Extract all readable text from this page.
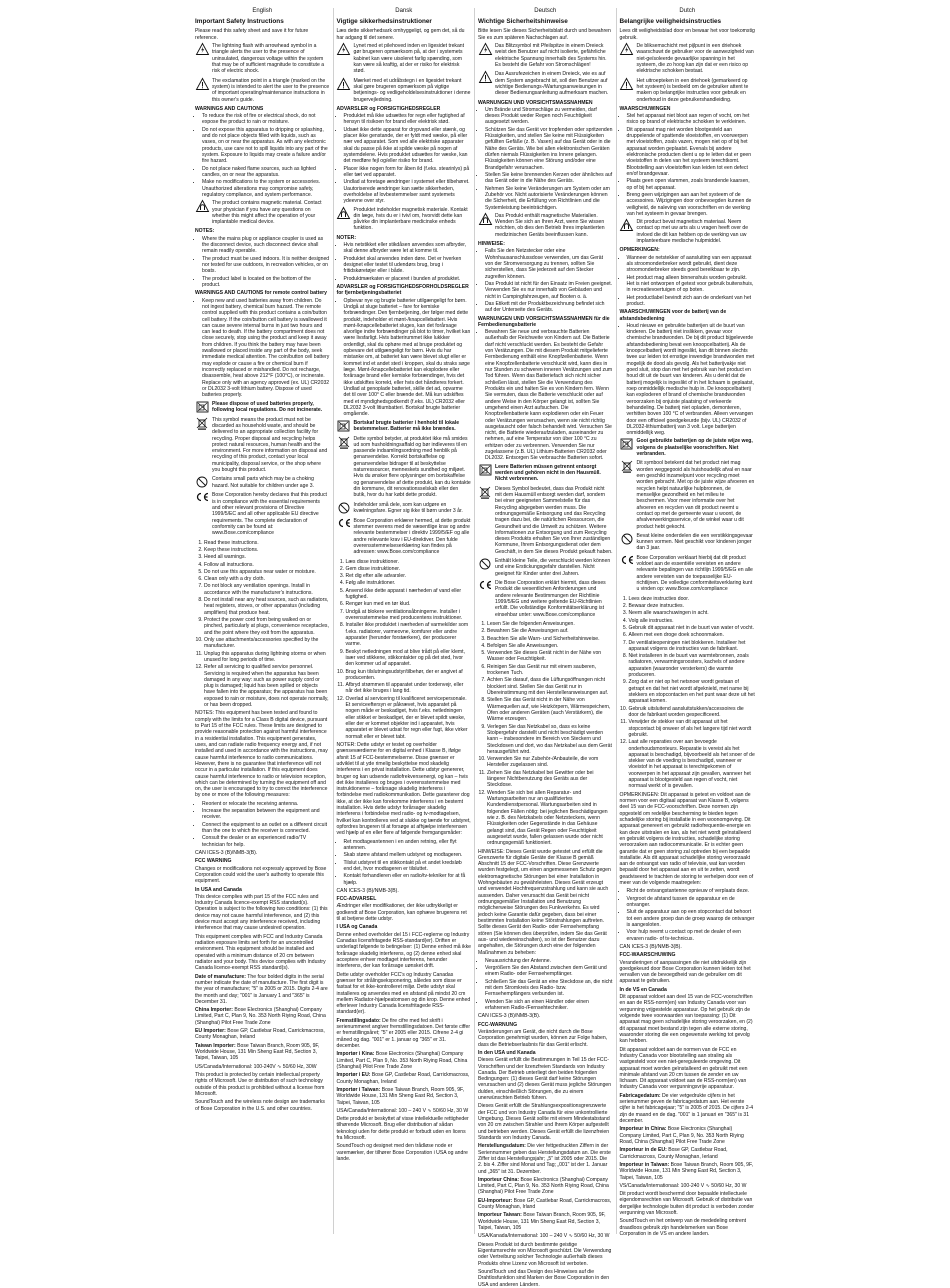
English
Important Safety Instructions

Please read this safety sheet and save it for future reference.

The lightning flash with arrowhead symbol in a triangle alerts the user to the presence of uninsulated, dangerous voltage within the system that may be of sufficient magnitude to constitute a risk of electric shock.
The exclamation point in a triangle (marked on the system) is intended to alert the user to the presence of important operating/maintenance instructions in this owner's guide.
WARNINGS AND CAUTIONS
• To reduce the risk of fire or electrical shock, do not expose the product to rain or moisture.
• Do not expose this apparatus to dripping or splashing, and do not place objects filled with liquids, such as vases, on or near the apparatus. As with any electronic products, use care not to spill liquids into any part of the system. Exposure to liquids may create a failure and/or fire hazard.
• Do not place naked flame sources, such as lighted candles, on or near the apparatus.
• Make no modifications to the system or accessories. Unauthorized alterations may compromise safety, regulatory compliance, and system performance.
The product contains magnetic material. Contact your physician if you have any questions on whether this might affect the operation of your implantable medical device.
NOTES:
• Where the mains plug or appliance coupler is used as the disconnect device, such disconnect device shall remain readily operable.
• The product must be used indoors. It is neither designed nor tested for use outdoors, in recreation vehicles, or on boats.
• The product label is located on the bottom of the product.
WARNINGS AND CAUTIONS for remote control battery
• Keep new and used batteries away from children. Do not ingest battery, chemical burn hazard. The remote control supplied with this product contains a coin/button cell battery. If the coin/button cell battery is swallowed it can cause severe internal burns in just two hours and can lead to death. If the battery compartment does not close securely, stop using the product and keep it away from children. If you think the battery may have been swallowed or placed inside any part of the body, seek immediate medical attention. The coin/button cell battery may explode or cause a fire or chemical burn if incorrectly replaced or mishandled. Do not recharge, disassemble, heat above 212°F (100°C), or incinerate. Replace only with an agency approved (ex. UL) CR2032 or DL2032 3-volt lithium battery. Dispose of used batteries properly.
Please dispose of used batteries properly, following local regulations. Do not incinerate.
This symbol means the product must not be discarded as household waste, and should be delivered to an appropriate collection facility for recycling. Proper disposal and recycling helps protect natural resources, human health and the environment. For more information on disposal and recycling of this product, contact your local municipality, disposal service, or the shop where you bought this product.
Contains small parts which may be a choking hazard. Not suitable for children under age 3.
Bose Corporation hereby declares that this product is in compliance with the essential requirements and other relevant provisions of Directive 1999/5/EC and all other applicable EU directive requirements. The complete declaration of conformity can be found at: www.Bose.com/compliance
1. Read these instructions.
2. Keep these instructions.
3. Heed all warnings.
4. Follow all instructions.
5. Do not use this apparatus near water or moisture.
6. Clean only with a dry cloth.
7. Do not block any ventilation openings. Install in accordance with the manufacturer's instructions.
8. Do not install near any heat sources, such as radiators, heat registers, stoves, or other apparatus (including amplifiers) that produce heat.
9. Protect the power cord from being walked on or pinched, particularly at plugs, convenience receptacles, and the point where they exit from the apparatus.
10. Only use attachments/accessories specified by the manufacturer.
11. Unplug this apparatus during lightning storms or when unused for long periods of time.
12. Refer all servicing to qualified service personnel. Servicing is required when the apparatus has been damaged in any way: such as power supply cord or plug is damaged; liquid has been spilled or objects have fallen into the apparatus; the apparatus has been exposed to rain or moisture, does not operate normally, or has been dropped.

NOTES: This equipment has been tested and found to comply with the limits for a Class B digital device, pursuant to Part 15 of the FCC rules. These limits are designed to provide reasonable protection against harmful interference in a residential installation. This equipment generates, uses, and can radiate radio frequency energy and, if not installed and used in accordance with the instructions, may cause harmful interference to radio communications. However, there is no guarantee that interference will not occur in a particular installation. If this equipment does cause harmful interference to radio or television reception, which can be determined by turning the equipment off and on, the user is encouraged to try to correct the interference by one or more of the following measures:

• Reorient or relocate the receiving antenna.
• Increase the separation between the equipment and receiver.
• Connect the equipment to an outlet on a different circuit than the one to which the receiver is connected.
• Consult the dealer or an experienced radio/TV technician for help.

CAN ICES-3 (B)/NMB-3(B).

FCC WARNING

Changes or modifications not expressly approved by Bose Corporation could void the user's authority to operate this equipment.

In USA and Canada

This device complies with part 15 of the FCC rules and Industry Canada licence-exempt RSS standard(s). Operation is subject to the following two conditions: (1) this device may not cause harmful interference, and (2) this device must accept any interference received, including interference that may cause undesired operation.

This equipment complies with FCC and Industry Canada radiation exposure limits set forth for an uncontrolled environment. This equipment should be installed and operated with a minimum distance of 20 cm between radiator and your body. This device complies with Industry Canada licence-exempt RSS standard(s).

Date of manufacture: The four bolded digits in the serial number indicate the date of manufacture. The first digit is the year of manufacture; "5" is 2005 or 2015. Digits 2-4 are the month and day; "001" is January 1 and "365" is December 31.

China Importer: Bose Electronics (Shanghai) Company Limited, Part C, Plan 9, No. 353 North Riying Road, China (Shanghai) Pilot Free Trade Zone

EU Importer: Bose GP, Castlebar Road, Carrickmacross, County Monaghan, Ireland

Taiwan Importer: Bose Taiwan Branch, Room 905, 9F, Worldwide House, 131 Min Sheng East Rd, Section 3, Taipei, Taiwan, 105

US/Canada/International: 100-240V ∿ 50/60 Hz, 30W

This product is protected by certain intellectual property rights of Microsoft. Use or distribution of such technology outside of this product is prohibited without a license from Microsoft.

SoundTouch and the wireless note design are trademarks of Bose Corporation in the U.S. and other countries.

Dansk
Vigtige sikkerhedsinstruktioner

Læs dette sikkerhedsark omhyggeligt, og gem det, så du har adgang til det senere.

Lynet med et pilehoved inden en ligesidet trekant gør brugeren opmærksom på, at der i systemets kabinet kan være uisoleret farlig spænding, som kan være så kraftig, at der er risiko for elektrisk stød.
Mærket med et udråbstegn i en ligesidet trekant skal gøre brugeren opmærksom på vigtige betjenings- og vedligeholdelsesinstruktioner i denne brugervejledning.
ADVARSLER og FORSIGTIGHEDSREGLER
• Produktet må ikke udsættes for regn eller fugtighed af hensyn til risikoen for brand eller elektrisk stød.
• Udsæt ikke dette apparat for drypvand eller stænk, og placer ikke genstande, der er fyldt med væske, på eller nær ved apparatet. Som ved alle elektriske apparater skal du passe på ikke at spilde væske på nogen af systemdelene. Hvis produktet udsættes for væske, kan det medføre fejl og/eller risiko for brand.
• Placer ikke nogen form for åben ild (f.eks. stearinlys) på eller tæt ved apparatet.
• Undlad at foretage ændringer i systemet eller tilbehøret. Uautoriserede ændringer kan sætte sikkerheden, overholdelse af lovbestemmelser samt systemets ydeevne over styr.
Produktet indeholder magnetisk materiale. Kontakt din læge, hvis du er i tvivl om, hvorvidt dette kan påvirke din implanterbare medicinske enheds funktion.
NOTER:
• Hvis netstikket eller stikdåsen anvendes som afbryder, skal denne afbryder være let at komme til.
• Produktet skal anvendes inden døre. Det er hverken designet eller testet til udendørs brug, brug i fritidskøretøjer eller i både.
• Produktmærkaten er placeret i bunden af produktet.
ADVARSLER og FORSIGTIGHEDSFORHOLDSREGLER for fjernbetjeningsbatteriet
• Opbevar nye og brugte batterier utilgængeligt for børn. Undgå at sluge batteriet – fare for kemiske forbrændinger. Den fjernbetjening, der følger med dette produkt, indeholder et mønt-/knapcellebatteri. Hvis mønt-/knapcellebatteriet sluges, kan det forårsage alvorlige indre forbrændinger på blot to timer, hvilket kan være livsfarligt. Hvis batterirummet ikke lukkker ordentligt, skal du ophøre med at bruge produktet og opbevare det utilgængeligt for børn. Hvis du har mistanke om, at batteriet kan være blevet slugt eller er kommet ind et andet sted i kroppen, skal du straks søge læge. Mønt-/knapcellebatteriet kan eksplodere eller forårsage brand eller kemiske forbrændinger, hvis det ikke udskiftes korrekt, eller hvis det håndteres forkert. Undlad at genoplade batteriet, skille det ad, opvarme det til over 100° C eller brænde det. Må kun udskiftes med et myndighedsgodkendt (f.eks. UL) CR2032 eller DL2032 3-volt litiumbatteri. Bortskaf brugte batterier omgående.
Bortskaf brugte batterier i henhold til lokale bestemmelser. Batterier må ikke brændes.
Dette symbol betyder, at produktet ikke må smides ud som husholdningsaffald og bør indleveres til en passende indsamlingsordning med henblik på genanvendelse. Korrekt bortskaffelse og genanvendelse bidrager til at beskyttelse naturressourcer, menneskets sundhed og miljøet. Hvis du ønsker flere oplysninger om bortskaffelse og genanvendelse af dette produkt, kan du kontakte din kommune, dit renovationsselskab eller den butik, hvor du har købt dette produkt.
Indeholder små dele, som kan udgøre en kvælningsfare. Egner sig ikke til børn under 3 år.
Bose Corporation erklærer hermed, at dette produkt stemmer overens med de væsentlige krav og andre relevante bestemmelser i direktiv 1999/5/EF og alle andre relevante krav i EU-direktiver. Den fulde overensstemmelseserklæring kan findes på adressen: www.Bose.com/compliance
1. Læs disse instruktioner.
2. Gem disse instruktioner.
3. Ret dig efter alle advarsler.
4. Følg alle instruktioner.
5. Anvend ikke dette apparat i nærheden af vand eller fugtighed.
6. Rengør kun med en tør klud.
7. Undgå at blokere ventilationsåbningerne. Installer i overensstemmelse med producentens instruktioner.
8. Installer ikke produktet i nærheden af varmekilder som f.eks. radiatorer, varmeovne, komfurer eller andre apparater (herunder forstærkere), der producerer varme.
9. Beskyt netledningen mod at blive trådt på eller klemt, især ved stikkene, stikkontakter og på det sted, hvor den kommer ud af apparatet.
10. Brug kun tilslutningsudstyr/tilbehør, der er angivet af producenten.
11. Afbryd strømmen til apparatet under tordenvejr, eller når det ikke bruges i lang tid.
12. Overlad al servicering til kvalificeret servicepersonale. Et serviceeftersyn er påkrævet, hvis apparatet på nogen måde er beskadiget, hvis f.eks. netledningen eller stikket er beskadiget, der er blevet spildt væske, eller der er kommet objekter ind i apparatet, hvis apparatet er blevet udsat for regn eller fugt, ikke virker normalt eller er blevet tabt.

NOTER: Dette udstyr er testet og overholder grænseværdierne for en digital enhed i Klasse B, ifølge afsnit 15 af FCC-bestemmelserne. Disse grænser er udviklet til at yde rimelig beskyttelse mod skadelig interferens i en privat installation. Dette udstyr genererer, bruger og kan udsende radiofrekvensenergi, og kan – hvis det ikke installeres og bruges i overensstemmelse med instruktionerne – forårsage skadelig interferens i forbindelse med radiokommunikation. Dette garanterer dog ikke, at der ikke kan forekomme interferens i en bestemt installation. Hvis dette udstyr forårsager skadelig interferens i forbindelse med radio- og tv-modtagelsen, hvilket kan kontrolleres ved at slukke og tænde for udstyret, opfordres brugeren til at forsøge at afhjælpe interferensen ved hjælp af en eller flere af følgende fremgangsmåder:

• Ret modtageantennen i en anden retning, eller flyt antennen.
• Skab større afstand mellem udstyret og modtageren.
• Tilslut udstyret til en stikkontakt på et andet kredsløb end det, hvor modtageren er tilsluttet.
• Kontakt forhandleren eller en radio/tv-tekniker for at få hjælp.

CAN ICES-3 (B)/NMB-3(B).

FCC-ADVARSEL

Ændringer eller modifikationer, der ikke udtrykkeligt er godkendt af Bose Corporation, kan ophæve brugerens ret til at betjene dette udstyr.

I USA og Canada

Denne enhed overholder del 15 i FCC-reglerne og Industry Canadas licensfritagede RSS-standard(er). Driften er underlagt følgende to betingelser: (1) Denne enhed må ikke forårsage skadelig interferens, og (2) denne enhed skal acceptere enhver modtaget interferens, herunder interferens, der kan forårsage uønsket drift.

Dette udstyr overholder FCC's og Industry Canadas grænser for strålingseksponering, således som disse er fastsat for et ikke-kontrolleret miljø. Dette udstyr skal installeres og anvendes med en afstand på mindst 20 cm mellem Radiator-hjælpeatomsen og din krop. Denne enhed efterlever Industry Canada licensfritagede RSS-standard(er).

Fremstillingsdato: De fire cifre med fed skrift i serienummeret angiver fremstillingsdatoen. Det første ciffer er fremstillingsåret; "5" er 2005 eller 2015. Cifrene 2-4 gi måned og dag. "001" er 1. januar og "365" er 31. december.

Importør i Kina: Bose Electronics (Shanghai) Company Limited, Part C, Plan 9, No. 353 North Riying Road, China (Shanghai) Pilot Free Trade Zone

Importør i EU: Bose GP, Castlebar Road, Carrickmacross, County Monaghan, Ireland

Importør i Taiwan: Bose Taiwan Branch, Room 905, 9F, Worldwide House, 131 Min Sheng East Rd, Section 3, Taipei, Taiwan, 105

USA/Canada/International: 100 – 240 V ∿ 50/60 Hz, 30 W

Dette produkt er beskyttet af visse intellektuelle rettigheder tilhørende Microsoft. Brug eller distribution af sådan teknologi uden for dette produkt er forbudt uden en licens fra Microsoft.

SoundTouch og designet med den trådløse node er varemærker, der tilhører Bose Corporation i USA og andre lande.

Deutsch
Wichtige Sicherheitshinweise

Bitte lesen Sie dieses Sicherheitsblatt durch und bewahren Sie es zum späteren Nachschlagen auf.

Das Blitzsymbol mit Pfeilspitze in einem Dreieck weist den Benutzer auf nicht isolierte, gefährliche elektrische Spannung innerhalb des Systems hin. Es besteht die Gefahr von Stromschlägen!
Das Ausrufezeichen in einem Dreieck, wie es auf dem System angebracht ist, soll den Benutzer auf wichtige Bedienungs-/Wartungsanweisungen in dieser Bedienungsanleitung aufmerksam machen.
WARNUNGEN UND VORSICHTSMASSNAHMEN
• Um Brände und Stromschläge zu vermeiden, darf dieses Produkt weder Regen noch Feuchtigkeit ausgesetzt werden.
• Schützen Sie das Gerät vor tropfenden oder spritzenden Flüssigkeiten, und stellen Sie keine mit Flüssigkeiten gefüllten Gefäße (z. B. Vasen) auf das Gerät oder in die Nähe des Geräts. Wie bei allen elektronischen Geräten dürfen niemals Flüssigkeiten ins Innere gelangen. Flüssigkeiten können eine Störung und/oder eine Brandgefahr verursachen.
• Stellen Sie keine brennenden Kerzen oder ähnliches auf das Gerät oder in die Nähe des Geräts.
• Nehmen Sie keine Veränderungen am System oder am Zubehör vor. Nicht autorisierte Veränderungen können die Sicherheit, die Erfüllung von Richtlinien und die Systemleistung beeinträchtigen.
Das Produkt enthält magnetische Materialien. Wenden Sie sich an Ihren Arzt, wenn Sie wissen möchten, ob dies den Betrieb Ihres implantierten medizinischen Geräts beeinflussen kann.
HINWEISE:
• Falls Sie den Netzstecker oder eine Wohnhausanschlussdose verwenden, um das Gerät von der Stromversorgung zu trennen, sollten Sie sicherstellen, dass Sie jederzeit auf den Stecker zugreifen können.
• Das Produkt ist nicht für den Einsatz im Freien geeignet. Verwenden Sie es nur innerhalb von Gebäuden und nicht in Campingfahrzeugen, auf Booten o. ä.
• Das Etikett mit der Produktbezeichnung befindet sich auf der Unterseite des Geräts.
WARNUNGEN UND VORSICHTSMASSNAHMEN für die Fernbedienungsbatterie
• Bewahren Sie neue und verbrauchte Batterien außerhalb der Reichweite von Kindern auf. Die Batterie darf nicht verschluckt werden. Es besteht die Gefahr von Verätzungen. Die mit diesem Produkt mitgelieferte Fernbedienung enthält eine Knopfzellenbatterie. Wenn eine Knopfzellenbatterie verschluckt wird, kann dies in nur Stunden zu schweren inneren Verätzungen und zum Tod führen. Wenn das Batteriefach sich nicht sicher schließen lässt, stellen Sie die Verwendung des Produkts ein und halten Sie es von Kindern fern. Wenn Sie vermuten, dass die Batterie verschluckt oder auf andere Weise in den Körper gelangt ist, sollten Sie umgehend einen Arzt aufsuchen. Die Knopfzellenbatterie kann explodieren oder ein Feuer oder Verätzungen verursachen, wenn sie nicht richtig ausgetauscht oder falsch behandelt wird. Versuchen Sie nicht, die Batterie wiederaufzuladen, auseinander zu nehmen, auf eine Temperatur von über 100 °C zu erhitzen oder zu verbrennen. Verwenden Sie nur zugelassene (z.B. UL) Lithium-Batterien CR2032 oder DL2032. Entsorgen Sie verbrauchte Batterien sofort.
Leere Batterien müssen getrennt entsorgt werden und gehören nicht in den Hausmüll. Nicht verbrennen.
Dieses Symbol bedeutet, dass das Produkt nicht mit dem Hausmüll entsorgt werden darf, sondern bei einer geeigneten Sammelstelle für das Recycling abgegeben werden muss. Die ordnungsgemäße Entsorgung und das Recycling tragen dazu bei, die natürlichen Ressourcen, die Gesundheit und die Umwelt zu schützen. Weitere Informationen zur Entsorgung und zum Recycling dieses Produkts erhalten Sie von Ihrer zuständigen Kommune, Ihrem Entsorgungsdienst oder dem Geschäft, in dem Sie dieses Produkt gekauft haben.
Enthält kleine Teile, die verschluckt werden können und eine Erstickungsgefahr darstellen. Nicht geeignet für Kinder unter drei Jahren.
Die Bose Corporation erklärt hiermit, dass dieses Produkt die wesentlichen Anforderungen und andere relevante Bestimmungen der Richtlinie 1999/5/EG und weitere geltende EU-Richtlinien erfüllt. Die vollständige Konformitätserklärung ist einsehbar unter: www.Bose.com/compliance
1. Lesen Sie die folgenden Anweisungen.
2. Bewahren Sie die Anweisungen auf.
3. Beachten Sie alle Warn- und Sicherheitshinweise.
4. Befolgen Sie alle Anweisungen.
5. Verwenden Sie dieses Gerät nicht in der Nähe von Wasser oder Feuchtigkeit.
6. Reinigen Sie das Gerät nur mit einem sauberen, trockenen Tuch.
7. Achten Sie darauf, dass die Lüftungsöffnungen nicht blockiert sind. Stellen Sie das Gerät nur in Übereinstimmung mit den Herstelleranweisungen auf.
8. Stellen Sie das Gerät nicht in der Nähe von Wärmequellen auf, wie Heizkörpern, Wärmespeichern, Öfen oder anderen Geräten (auch Verstärkern), die Wärme erzeugen.
9. Verlegen Sie das Netzkabel so, dass es keine Stolpergefahr darstellt und nicht beschädigt werden kann – insbesondere im Bereich von Steckern und Steckdosen und dort, wo das Netzkabel aus dem Gerät herausgeführt wird.
10. Verwenden Sie nur Zubehör-/Anbauteile, die vom Hersteller zugelassen sind.
11. Ziehen Sie das Netzkabel bei Gewitter oder bei längerer Nichtbenutzung des Geräts aus der Steckdose.
12. Wenden Sie sich bei allen Reparatur- und Wartungsarbeiten nur an qualifiziertes Kundendienstpersonal. Wartungsarbeiten sind in folgenden Fällen nötig: bei jeglichen Beschädigungen wie z. B. des Netzkabels oder Netzsteckers, wenn Flüssigkeiten oder Gegenstände in das Gehäuse gelangt sind, das Gerät Regen oder Feuchtigkeit ausgesetzt wurde, fallen gelassen wurde oder nicht ordnungsgemäß funktioniert.

HINWEISE: Dieses Gerät wurde getestet und erfüllt die Grenzwerte für digitale Geräte der Klasse B gemäß Abschnitt 15 der FCC-Vorschriften. Diese Grenzwerte wurden festgelegt, um einen angemessenen Schutz gegen elektromagnetische Störungen bei einer Installation in Wohngebäuten zu gewährleisten. Dieses Gerät erzeugt und verwendet Hochfrequenzstrahlung und kann sie auch aussenden. Daher verursacht das Gerät bei nicht ordnungsgemäßer Installation und Benutzung möglicherweise Störungen des Funkverkehrs. Es wird jedoch keine Garantie dafür gegeben, dass bei einer bestimmten Installation keine Störstrahlungen auftreten. Sollte dieses Gerät den Radio- oder Fernsehempfang stören (Sie können dies überprüfen, indem Sie das Gerät aus- und wiedereinschalten), so ist der Benutzer dazu angehalten, die Störungen durch eine der folgenden Maßnahmen zu beheben:

• Neuausrichtung der Antenne.
• Vergrößern Sie den Abstand zwischen dem Gerät und einem Radio- oder Fernsehempfänger.
• Schließen Sie das Gerät an eine Steckdose an, die nicht mit dem Stromkreis des Radio- bzw. Fernsehempfängers verbunden ist.
• Wenden Sie sich an einen Händler oder einen erfahrenen Radio-/Fernsehtechniker.

CAN ICES-3 (B)/NMB-3(B).

FCC-WARNUNG

Veränderungen am Gerät, die nicht durch die Bose Corporation genehmigt wurden, können zur Folge haben, dass die Betriebserlaubnis für das Gerät erlischt.

In den USA und Kanada

Dieses Gerät erfüllt die Bestimmungen in Teil 15 der FCC-Vorschriften und der lizenzfreien Standards von Industry Canada. Der Betrieb unterliegt den beiden folgenden Bedingungen: (1) dieses Gerät darf keine Störungen verursachen und (2) dieses Gerät muss jegliche Störungen dulden, einschließlich Störungen, die zu einem unerwünschten Betrieb führen.

Dieses Gerät erfüllt die Strahlungsexpositionsgrenzwerte der FCC und von Industry Canada für eine unkontrollierte Umgebung. Dieses Gerät sollte mit einem Mindestabstand von 20 cm zwischen Strahler und Ihrem Körper aufgestellt und betrieben werden. Dieses Gerät erfüllt die lizenzfreien Standards von Industry Canada.

Herstellungsdatum: Die vier fettgedruckten Ziffern in der Seriennummer geben das Herstellungsdatum an. Die erste Ziffer ist das Herstellungsjahr; „5" ist 2005 oder 2015. Die 2. bis 4. Ziffer sind Monat und Tag; „001" ist der 1. Januar und „365" ist 31. Dezember.

Importeur China: Bose Electronics (Shanghai) Company Limited, Part C, Plan 9, No. 353 North Riying Road, China (Shanghai) Pilot Free Trade Zone

EU-Importeur: Bose GP, Castlebar Road, Carrickmacross, County Monaghan, Irland

Importeur Taiwan: Bose Taiwan Branch, Room 905, 9F, Worldwide House, 131 Min Sheng East Rd, Section 3, Taipei, Taiwan, 105

USA/Kanada/International: 100 – 240 V ∿ 50/60 Hz, 30 W

Dieses Produkt ist durch bestimmte geistige Eigentumsrechte von Microsoft geschützt. Die Verwendung oder Vertreibung solcher Technologie außerhalb dieses Produkts ohne Lizenz von Microsoft ist verboten.

SoundTouch und das Design des Hinweises auf die Drahtlosfunktion sind Marken der Bose Corporation in den USA und anderen Ländern.

Dutch
Belangrijke veiligheidsinstructies

Lees dit veiligheidsblad door en bewaar het voor toekomstig gebruik.

De bliksemschicht met pijlpunt in een driehoek waarschuwt de gebruiker voor de aanwezigheid van niet-geïsoleerde gevaarlijke spanning in het systeem, die zo hoog kan zijn dat er een risico op elektrische schokken bestaat.
Het uitroepteken in een driehoek (gemarkeerd op het systeem) is bedoeld om de gebruiker attent te maken op belangrijke instructies voor gebruik en onderhoud in deze gebruikershandleiding.
WAARSCHUWINGEN
• Stel het apparaat niet bloot aan regen of vocht, om het risico op brand of elektrische schokken te verkleinen.
• Dit apparaat mag niet worden blootgesteld aan druppelende of spattende vloeistoffen, en voorwerpen met vloeistoffen, zoals vazen, mogen niet op of bij het apparaat worden geplaatst. Evenals bij andere elektronische producten dient u op te letten dat er geen vloeistoffen in delen van het systeem terechtkomt. Blootstelling aan vloeistoffen kan leiden tot een defect en/of brandgevaar.
• Plaats geen open vlammen, zoals brandende kaarsen, op of bij het apparaat.
• Breng geen wijzigingen aan aan het systeem of de accessoires. Wijzigingen door onbevoegden kunnen de veiligheid, de naleving van voorschriften en de werking van het systeem in gevaar brengen.
Dit product bevat magnetisch materiaal. Neem contact op met uw arts als u vragen heeft over de invloed die dit kan hebben op de werking van uw implanteerbare medische hulpmiddel.
OPMERKINGEN:
• Wanneer de netstekker of aansluiting van een apparaat als stroomonderbreker wordt gebruikt, dient deze stroomonderbreker steeds goed bereikbaar te zijn.
• Het product mag alleen binnenshuis worden gebruikt. Het is niet ontworpen of getest voor gebruik buitenshuis, in recreatievoertuigen of op boten.
• Het productlabel bevindt zich aan de onderkant van het product.
WAARSCHUWINGEN voor de batterij van de afstandsbediening
• Houd nieuwe en gebruikte batterijen uit de buurt van kinderen. De batterij niet inslikken, gevaar voor chemische brandwonden. De bij dit product bijgeleverde afstandsbediening bevat een knoopcelbatterij. Als de knoopcelbatterij wordt ingeslikt, kan dit binnen slechts twee uur leiden tot ernstige inwendige brandwonden met mogelijk de dood als gevolg. Als het batterijvakje niet goed sluit, stop dan met het gebruik van het product en houd dit uit de buurt van kinderen. Als u denkt dat de batterij mogelijk is ingeslikt of in het lichaam is geplaatst, roep onmiddellijk medische hulp in. De knoopcelbatterij kan exploderen of brand of chemische brandwonden veroorzaken bij onjuiste plaatsing of verkeerde behandeling. De batterij niet opladen, demonteren, verhitten boven 100 °C of verbranden. Alleen vervangen door een officieel goedgekeurde (bijv. UL) CR2032 of DL2032-lithiumbatterij van 3 volt. Lege batterijen onmiddellijk weg.
Gooi gebruikte batterijen op de juiste wijze weg, volgens de plaatselijke voorschriften. Niet verbranden.
Dit symbool betekent dat het product niet mag worden weggegooid als huishoudelijk afval en naar een geschikt inzamelpunt voor recycling moet worden gebracht. Met op de juiste wijze afvoeren en recyclen helpt natuurlijke hulpbronnen, de menselijke gezondheid en het milieu te beschermen. Voor meer informatie over het afvoeren en recyclen van dit product neemt u contact op met de gemeente waar u woont, de afvalverwerkingsservice, of de winkel waar u dit product hebt gekocht.
Bevat kleine onderdelen die een verstikkingsgevaar kunnen vormen. Niet geschikt voor kinderen jonger dan 3 jaar.
Bose Corporation verklaart hierbij dat dit product voldoet aan de essentiële vereisten en andere relevante bepalingen van richtlijn 1999/5/EG en alle andere vereisten van de toepasselijke EU-richtlijnen. De volledige conformiteitsverklaring kunt u vinden op: www.Bose.com/compliance
1. Lees deze instructies door.
2. Bewaar deze instructies.
3. Neem alle waarschuwingen in acht.
4. Volg alle instructies.
5. Gebruik dit apparaat niet in de buurt van water of vocht.
6. Alleen met een droge doek schoonmaken.
7. De ventilatieopeningen niet blokkeren. Installeer het apparaat volgens de instructies van de fabrikant.
8. Niet installeren in de buurt van warmtebronnen, zoals radiatoren, verwarmingsroosters, kachels of andere apparaten (waaronder versterkers) die warmte produceren.
9. Zorg dat er niet op het netsnoer wordt gestaan of getrapt en dat het niet wordt afgeknield, met name bij stekkers en stopcontacten en het punt waar deze uit het apparaat komen.
10. Gebruik uitsluitend aansluitstukken/accessoires die door de fabrikant worden gespecificeerd.
11. Verwijder de stekker van dit apparaat uit het stopcontact bij onweer of als het langere tijd niet wordt gebruikt.
12. Laat alle reparaties over aan bevoegde onderhoudsmonteurs. Reparatie is vereist als het apparaat is beschadigd, bijvoorbeeld als het snoer of de stekker van de voeding is beschadigd, wanneer er vloeistof in het apparaat is terechtgekomen of voorwerpen in het apparaat zijn gevallen, wanneer het apparaat is blootgesteld aan regen of vocht, niet normaal werkt of is gevallen.

OPMERKINGEN: Dit apparaat is getest en voldoet aan de normen voor een digitaal apparaat van Klasse B, volgens deel 15 van de FCC-voorschriften. Deze normen zijn opgesteld om redelijke bescherming te bieden tegen schadelijke storing bij installatie in een woonomgeving. Dit apparaat genereert en gebruikt radiofrequentie-energie en kan deze uitstralen en kan, als het niet wordt geïnstalleerd en gebruikt volgens de instructies, schadelijke storing veroorzaken aan radiocommunicatie. Er is echter geen garantie dat er geen storing zal optreden bij een bepaalde installatie. Als dit apparaat schadelijke storing veroorzaakt aan de ontvangst van radio of televisie, wat kan worden bepaald door het apparaat aan en uit te zetten, wordt geadviseerd te trachten de storing te verhelpen door een of meer van de volgende maatregelen:

• Richt de ontvangstantenne opnieuw of verplaats deze.
• Vergroot de afstand tussen de apparatuur en de ontvanger.
• Sluit de apparatuur aan op een stopcontact dat behoort tot een andere groep dan de groep waarop de ontvanger is aangesloten.
• Voor hulp neemt u contact op met de dealer of een ervaren radio- of tv-technicus.

CAN ICES-3 (B)/NMB-3(B).

FCC-WAARSCHUWING

Veranderingen of aanpassingen die niet uitdrukkelijk zijn goedgekeurd door Bose Corporation kunnen leiden tot het vervallen van de bevoegdheid van de gebruiker om dit apparaat te gebruiken.

In de VS en Canada

Dit apparaat voldoet aan deel 15 van de FCC-voorschriften en aan de RSS-norm(en) van Industry Canada voor van vergunning vrijgestelde apparatuur. Op het gebruik zijn de volgende twee voorwaarden van toepassing: (1) Dit apparaat mag geen schadelijke storing veroorzaken, en (2) dit apparaat moet bestand zijn tegen alle externe storing, waaronder storing die een ongewenste werking tot gevolg kan hebben.

Dit apparaat voldoet aan de normen van de FCC en Industry Canada voor blootstelling aan straling als vastgesteld voor een niet-gereguleerde omgeving. Dit apparaat moet worden geïnstalleerd en gebruikt met een minimale afstand van 20 cm tussen de zender en uw lichaam. Dit apparaat voldoet aan de RSS-norm(en) van Industry Canada voor vergunningsvrije apparatuur.

Fabricagedatum: De vier vetgedrukte cijfers in het serienummer geven de fabricagedatum aan. Het eerste cijfer is het fabricagejaar; "5" is 2005 of 2015. De cijfers 2-4 zijn de maand en de dag. "001" is 1 januari en "365" is 31 december.

Importeur in China: Bose Electronics (Shanghai) Company Limited, Part C, Plan 9, No. 353 North Riying Road, China (Shanghai) Pilot Free Trade Zone

Importeur in de EU: Bose GP, Castlebar Road, Carrickmacross, County Monaghan, Ierland

Importeur in Taiwan: Bose Taiwan Branch, Room 905, 9F, Worldwide House, 131 Min Sheng East Rd, Section 3, Taipei, Taiwan, 105

VS/Canada/Internationaal: 100-240 V ∿ 50/60 Hz, 30 W

Dit product wordt beschermd door bepaalde intellectuele eigendomsrechten van Microsoft. Gebruik of distributie van dergelijke technologie buiten dit product is verboden zonder vergunning van Microsoft.

SoundTouch en het ontwerp van de mededeling omtrent draadloos gebruik zijn handelsmerken van Bose Corporation in de VS en andere landen.
